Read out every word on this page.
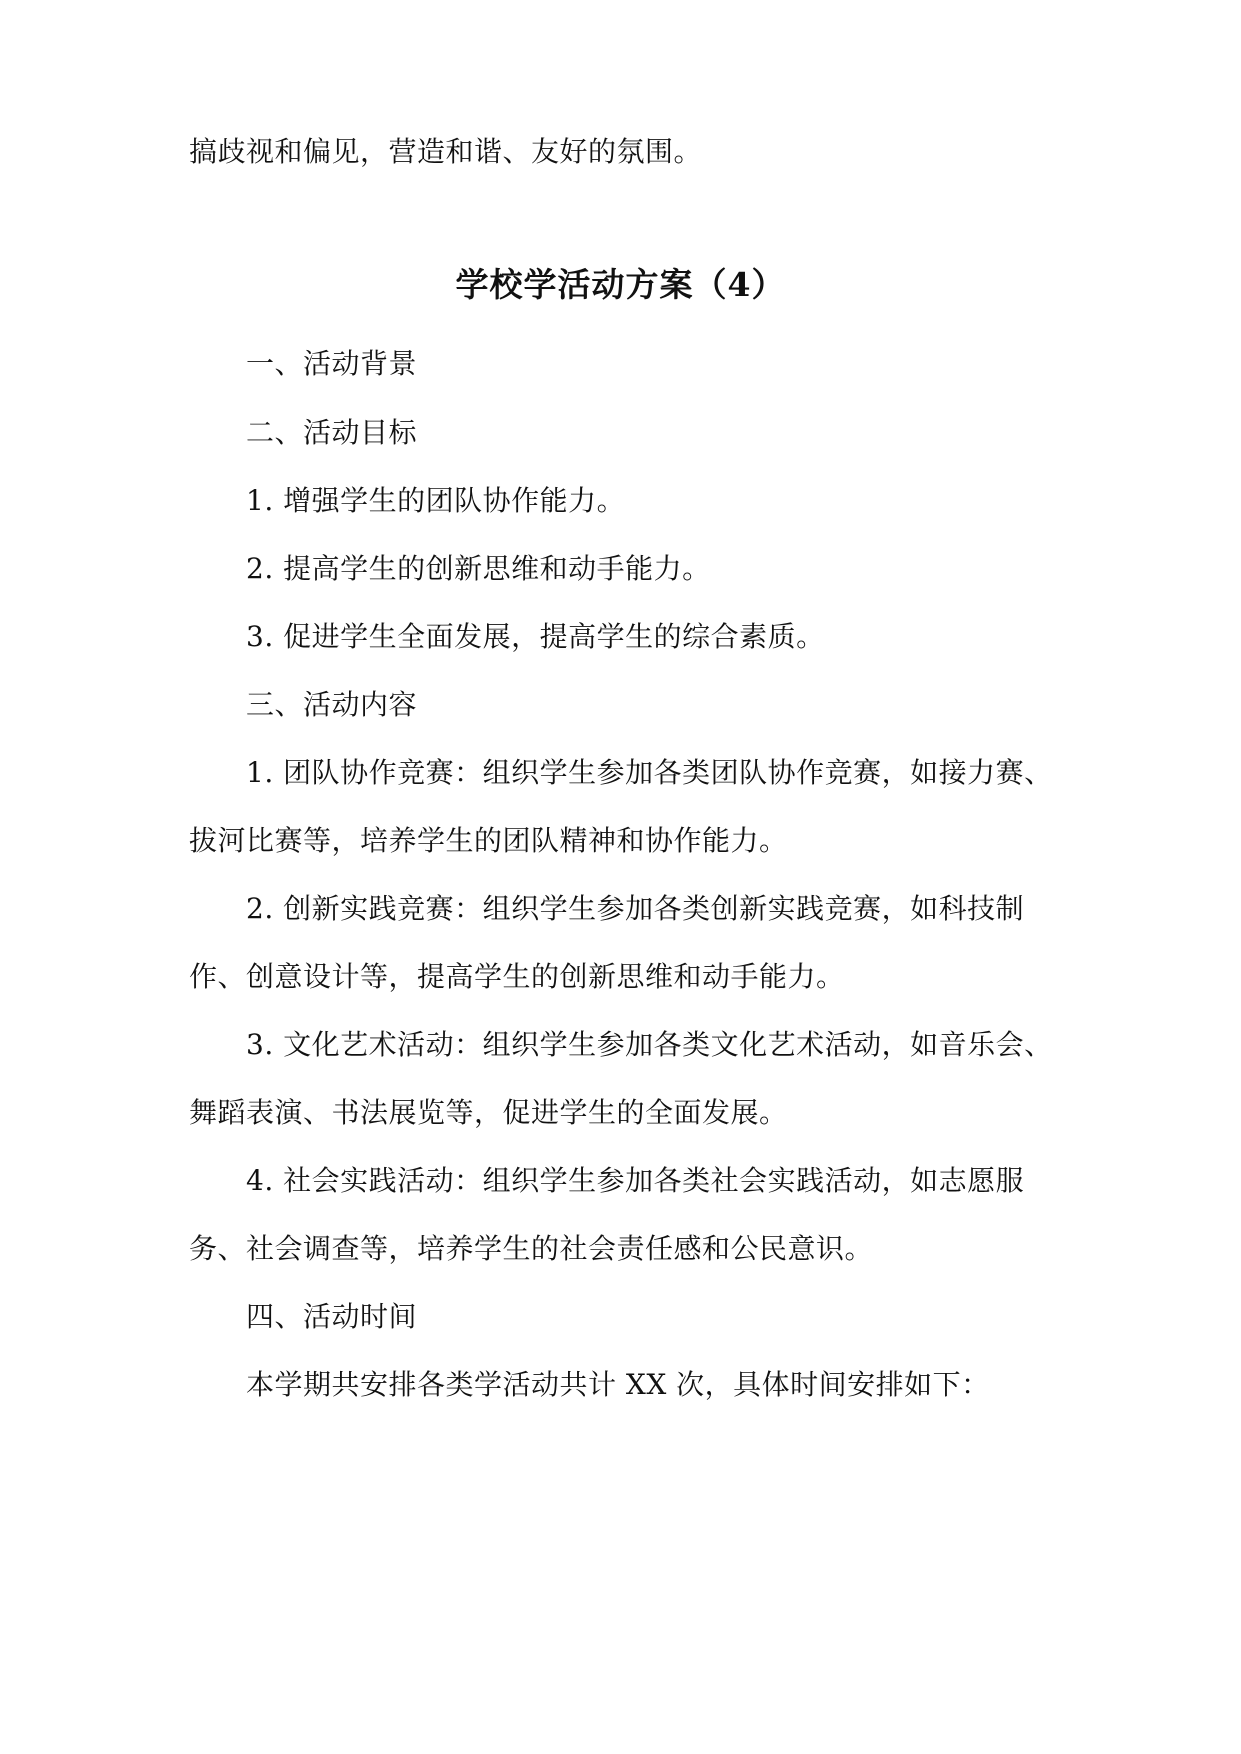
搞歧视和偏见，营造和谐、友好的氛围。
学校学活动方案（4）
一、活动背景
二、活动目标
1. 增强学生的团队协作能力。
2. 提高学生的创新思维和动手能力。
3. 促进学生全面发展，提高学生的综合素质。
三、活动内容
1. 团队协作竞赛：组织学生参加各类团队协作竞赛，如接力赛、
拔河比赛等，培养学生的团队精神和协作能力。
2. 创新实践竞赛：组织学生参加各类创新实践竞赛，如科技制
作、创意设计等，提高学生的创新思维和动手能力。
3. 文化艺术活动：组织学生参加各类文化艺术活动，如音乐会、
舞蹈表演、书法展览等，促进学生的全面发展。
4. 社会实践活动：组织学生参加各类社会实践活动，如志愿服
务、社会调查等，培养学生的社会责任感和公民意识。
四、活动时间
本学期共安排各类学活动共计 XX 次，具体时间安排如下：
